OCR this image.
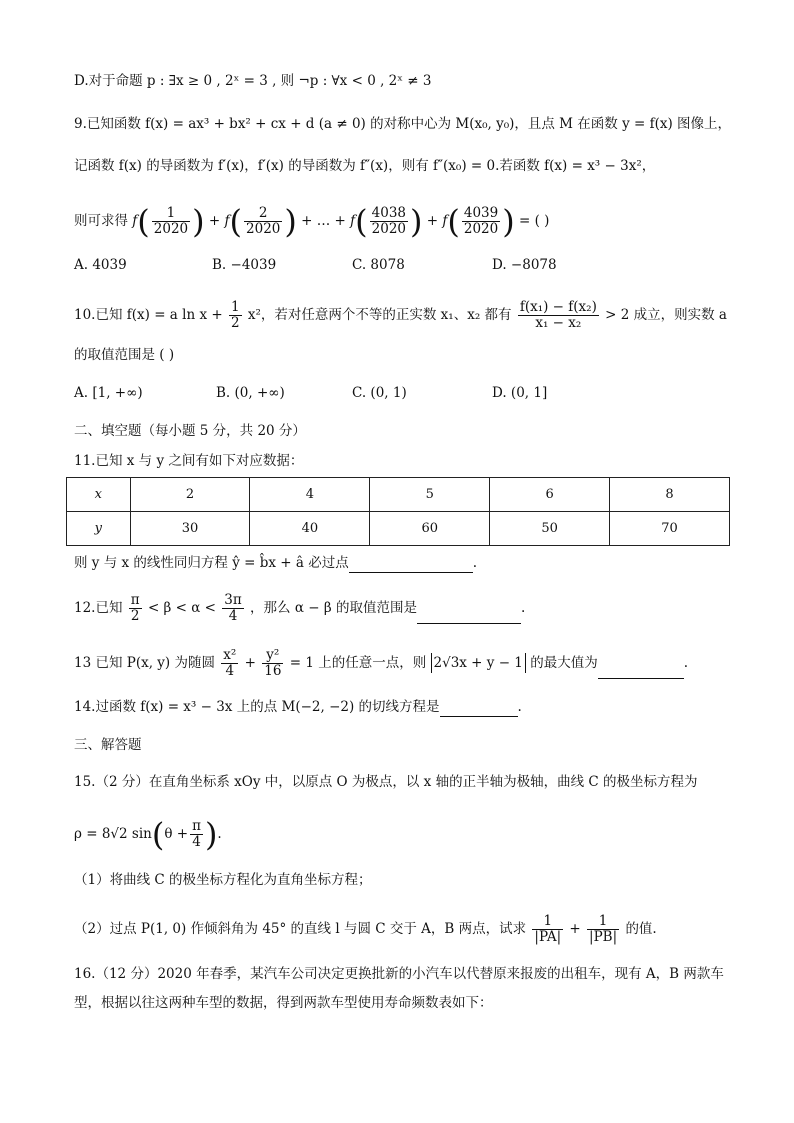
D.对于命题 p : ∃x ≥ 0 , 2ˣ = 3 , 则 ¬p : ∀x < 0 , 2ˣ ≠ 3
9.已知函数 f(x) = ax³ + bx² + cx + d (a ≠ 0) 的对称中心为 M(x₀, y₀)，且点 M 在函数 y = f(x) 图像上，
记函数 f(x) 的导函数为 f′(x)，f′(x) 的导函数为 f″(x)，则有 f″(x₀) = 0.若函数 f(x) = x³ − 3x²，
则可求得 $f( \frac{1}{2020}$ ) + $f( \frac{2}{2020}$ ) + … + $f( \frac{4038}{2020}$ ) + $f( \frac{4039}{2020}$ ) = ( )
A. 4039	B. −4039	C. 8078	D. −8078
10.已知 f(x) = a $\ln x + \frac{1}{2} x^2$，若对任意两个不等的正实数 x₁、x₂ 都有 $\frac{\text{f(x₁) − f(x₂)}}{\text{x₁ − x₂}} > 2$ 成立，则实数 a
的取值范围是 ( )
A. [1, +∞)	B. (0, +∞)	C. (0, 1)	D. (0, 1]
二、填空题（每小题 5 分，共 20 分）
11.已知 x 与 y 之间有如下对应数据：
x	2	4	5	6	8
y	30	40	60	50	70
则 y 与 x 的线性同归方程 ŷ = b̂x + â 必过点	.
12.已知 $\frac{\pi}{2} < \beta < \alpha < \frac{3\pi}{4}$ ，那么 α − β 的取值范围是	.
13 已知 P(x, y) 为随圆 $\frac{\text{x²}}{4} + \frac{\text{y²}}{16} = 1$ 上的任意一点，则 2√3x + y − 1 的最大值为	.
14.过函数 f(x) = x³ − 3x 上的点 M(−2, −2) 的切线方程是	.
三、解答题
15.（2 分）在直角坐标系 xOy 中，以原点 O 为极点，以 x 轴的正半轴为极轴，曲线 C 的极坐标方程为
ρ = 8√2 $\sin(\theta + \frac{\pi}{4}$ ).
（1）将曲线 C 的极坐标方程化为直角坐标方程；
（2）过点 P(1, 0) 作倾斜角为 45° 的直线 l 与圆 C 交于 A，B 两点，试求 $\frac{1}{|PA|} + \frac{1}{|PB|}$ 的值.
16.（12 分）2020 年春季，某汽车公司决定更换批新的小汽车以代替原来报废的出租车，现有 A，B 两款车
型，根据以往这两种车型的数据，得到两款车型使用寿命频数表如下：
